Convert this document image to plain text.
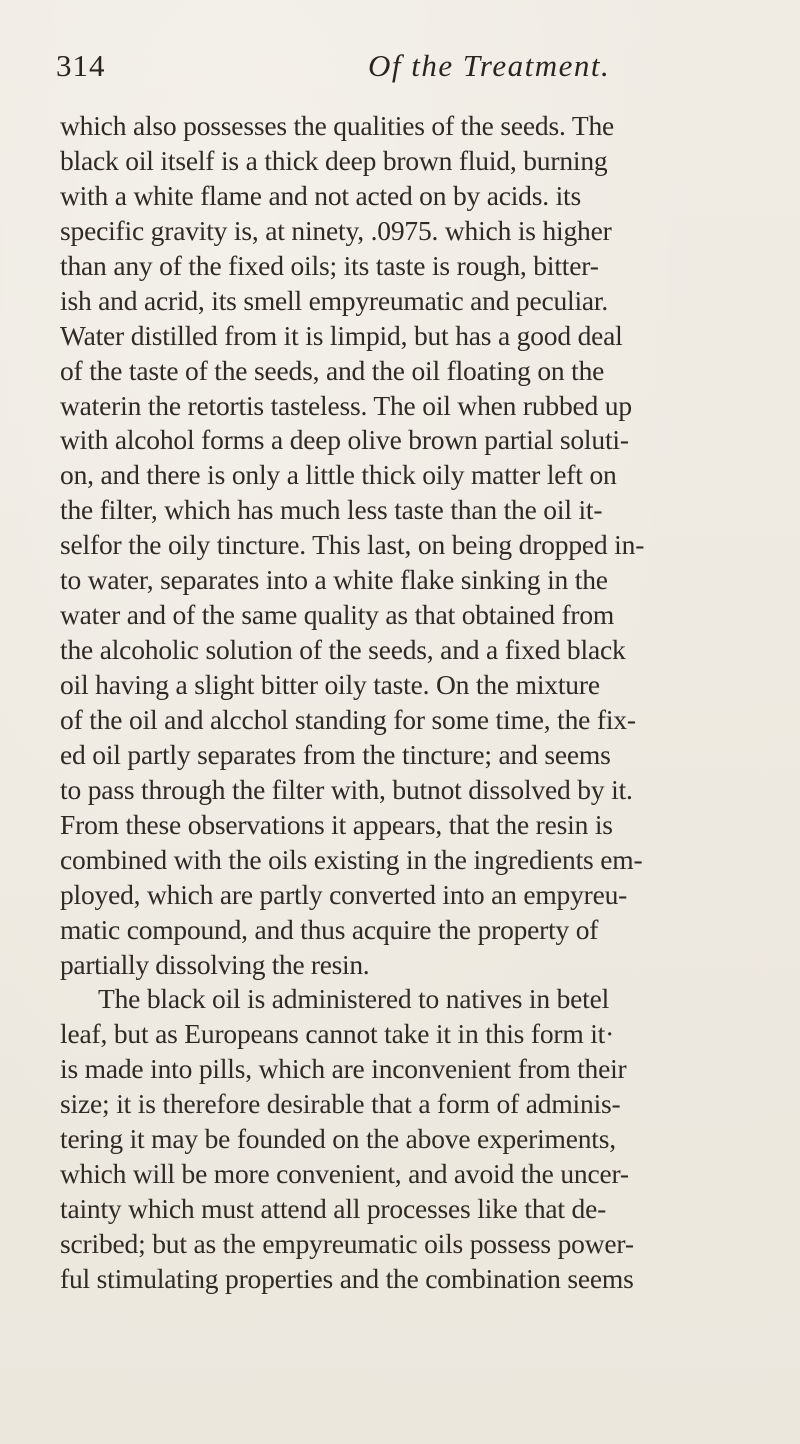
314	Of the Treatment.
which also possesses the qualities of the seeds. The
black oil itself is a thick deep brown fluid, burning
with a white flame and not acted on by acids. its
specific gravity is, at ninety, .0975. which is higher
than any of the fixed oils; its taste is rough, bitter-
ish and acrid, its smell empyreumatic and peculiar.
Water distilled from it is limpid, but has a good deal
of the taste of the seeds, and the oil floating on the
waterin the retortis tasteless. The oil when rubbed up
with alcohol forms a deep olive brown partial soluti-
on, and there is only a little thick oily matter left on
the filter, which has much less taste than the oil it-
selfor the oily tincture. This last, on being dropped in-
to water, separates into a white flake sinking in the
water and of the same quality as that obtained from
the alcoholic solution of the seeds, and a fixed black
oil having a slight bitter oily taste. On the mixture
of the oil and alcchol standing for some time, the fix-
ed oil partly separates from the tincture; and seems
to pass through the filter with, butnot dissolved by it.
From these observations it appears, that the resin is
combined with the oils existing in the ingredients em-
ployed, which are partly converted into an empyreu-
matic compound, and thus acquire the property of
partially dissolving the resin.
The black oil is administered to natives in betel
leaf, but as Europeans cannot take it in this form it·
is made into pills, which are inconvenient from their
size; it is therefore desirable that a form of adminis-
tering it may be founded on the above experiments,
which will be more convenient, and avoid the uncer-
tainty which must attend all processes like that de-
scribed; but as the empyreumatic oils possess power-
ful stimulating properties and the combination seems
